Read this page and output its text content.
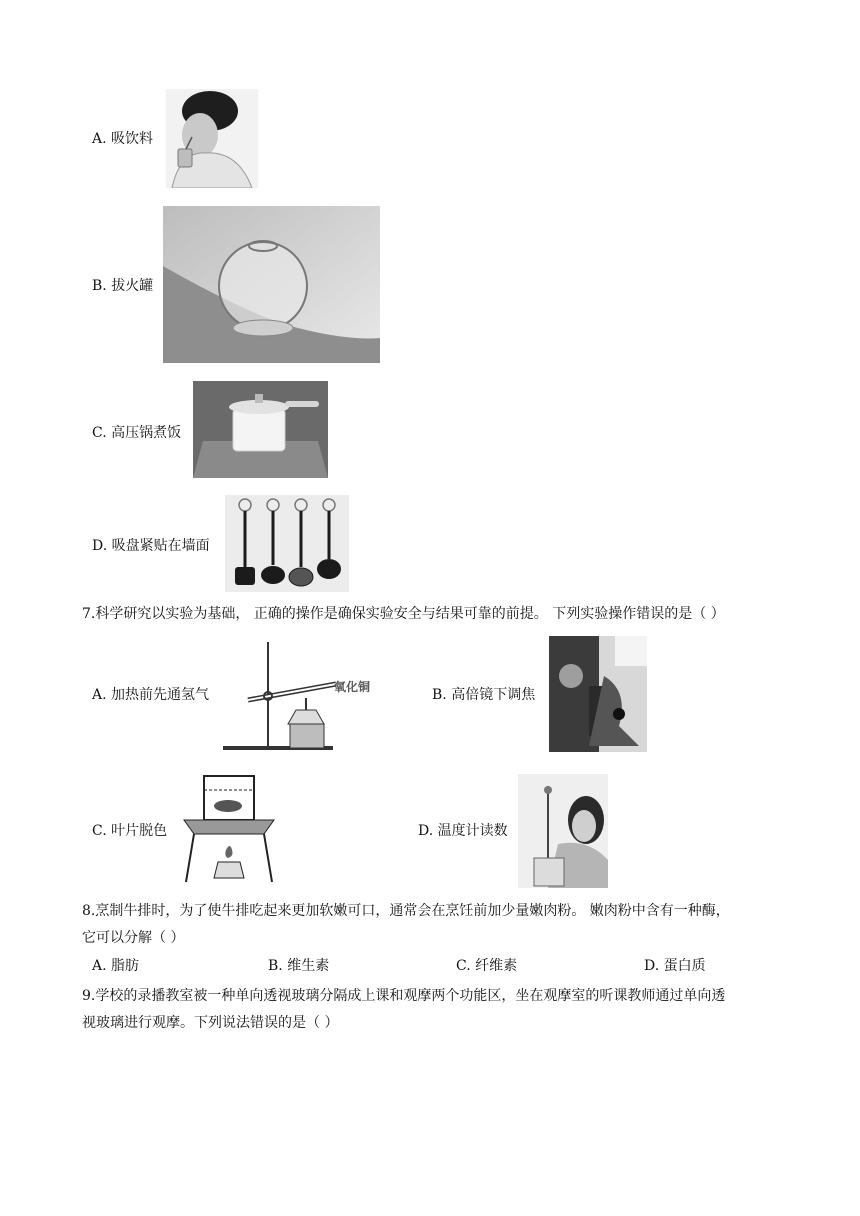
A. 吸饮料
B. 拔火罐
C. 高压锅煮饭
D. 吸盘紧贴在墙面
7.科学研究以实验为基础， 正确的操作是确保实验安全与结果可靠的前提。 下列实验操作错误的是（ ）
A. 加热前先通氢气	氧化铜	B. 高倍镜下调焦
C. 叶片脱色	D. 温度计读数
8.烹制牛排时，为了使牛排吃起来更加软嫩可口，通常会在烹饪前加少量嫩肉粉。 嫩肉粉中含有一种酶，
它可以分解（ ）
A. 脂肪	B. 维生素	C. 纤维素	D. 蛋白质
9.学校的录播教室被一种单向透视玻璃分隔成上课和观摩两个功能区，坐在观摩室的听课教师通过单向透
视玻璃进行观摩。下列说法错误的是（ ）
